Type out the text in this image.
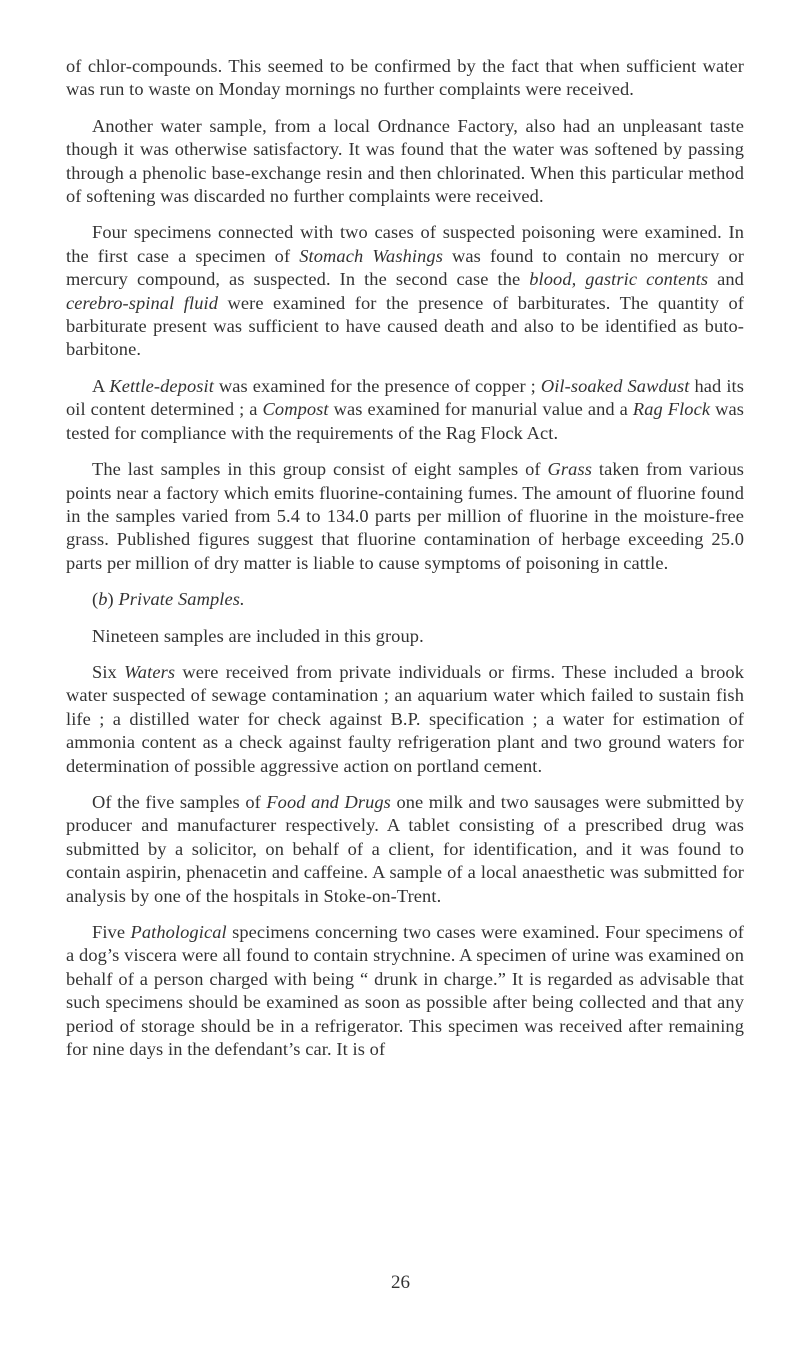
of chlor-compounds. This seemed to be confirmed by the fact that when sufficient water was run to waste on Monday mornings no further complaints were received.

Another water sample, from a local Ordnance Factory, also had an unpleasant taste though it was otherwise satisfactory. It was found that the water was softened by passing through a phenolic base-exchange resin and then chlorinated. When this particular method of softening was discarded no further complaints were received.

Four specimens connected with two cases of suspected poisoning were examined. In the first case a specimen of Stomach Washings was found to contain no mercury or mercury compound, as suspected. In the second case the blood, gastric contents and cerebro-spinal fluid were examined for the presence of barbiturates. The quantity of barbiturate present was sufficient to have caused death and also to be identified as buto-barbitone.

A Kettle-deposit was examined for the presence of copper ; Oil-soaked Sawdust had its oil content determined ; a Compost was examined for manurial value and a Rag Flock was tested for compliance with the requirements of the Rag Flock Act.

The last samples in this group consist of eight samples of Grass taken from various points near a factory which emits fluorine-containing fumes. The amount of fluorine found in the samples varied from 5.4 to 134.0 parts per million of fluorine in the moisture-free grass. Published figures suggest that fluorine contamination of herbage exceeding 25.0 parts per million of dry matter is liable to cause symptoms of poisoning in cattle.

(b) Private Samples.

Nineteen samples are included in this group.

Six Waters were received from private individuals or firms. These included a brook water suspected of sewage contamination ; an aquarium water which failed to sustain fish life ; a distilled water for check against B.P. specification ; a water for estimation of ammonia content as a check against faulty refrigeration plant and two ground waters for determination of possible aggressive action on portland cement.

Of the five samples of Food and Drugs one milk and two sausages were submitted by producer and manufacturer respectively. A tablet consisting of a prescribed drug was submitted by a solicitor, on behalf of a client, for identification, and it was found to contain aspirin, phenacetin and caffeine. A sample of a local anaesthetic was submitted for analysis by one of the hospitals in Stoke-on-Trent.

Five Pathological specimens concerning two cases were examined. Four specimens of a dog’s viscera were all found to contain strychnine. A specimen of urine was examined on behalf of a person charged with being “ drunk in charge.” It is regarded as advisable that such specimens should be examined as soon as possible after being collected and that any period of storage should be in a refrigerator. This specimen was received after remaining for nine days in the defendant’s car. It is of

26
